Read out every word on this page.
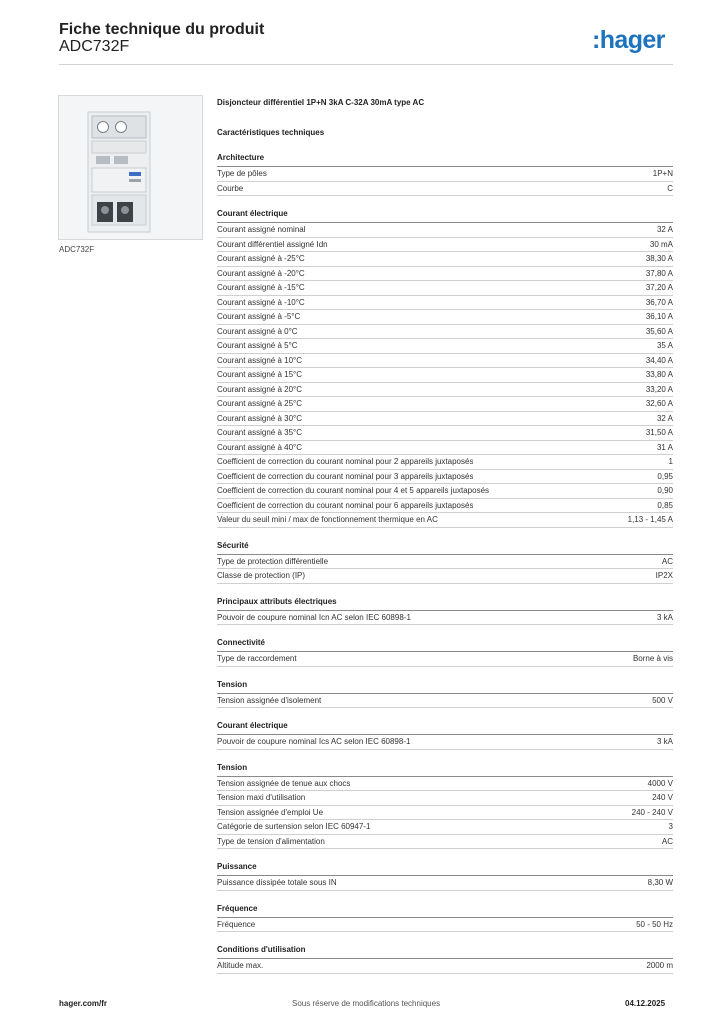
Fiche technique du produit
ADC732F	:hager
ADC732F
Disjoncteur différentiel 1P+N 3kA C-32A 30mA type AC
Caractéristiques techniques
Architecture
Type de pôles	1P+N
Courbe	C
Courant électrique
Courant assigné nominal	32 A
Courant différentiel assigné Idn	30 mA
Courant assigné à -25°C	38,30 A
Courant assigné à -20°C	37,80 A
Courant assigné à -15°C	37,20 A
Courant assigné à -10°C	36,70 A
Courant assigné à -5°C	36,10 A
Courant assigné à 0°C	35,60 A
Courant assigné à 5°C	35 A
Courant assigné à 10°C	34,40 A
Courant assigné à 15°C	33,80 A
Courant assigné à 20°C	33,20 A
Courant assigné à 25°C	32,60 A
Courant assigné à 30°C	32 A
Courant assigné à 35°C	31,50 A
Courant assigné à 40°C	31 A
Coefficient de correction du courant nominal pour 2 appareils juxtaposés	1
Coefficient de correction du courant nominal pour 3 appareils juxtaposés	0,95
Coefficient de correction du courant nominal pour 4 et 5 appareils juxtaposés	0,90
Coefficient de correction du courant nominal pour 6 appareils juxtaposés	0,85
Valeur du seuil mini / max de fonctionnement thermique en AC	1,13 - 1,45 A
Sécurité
Type de protection différentielle	AC
Classe de protection (IP)	IP2X
Principaux attributs électriques
Pouvoir de coupure nominal Icn AC selon IEC 60898-1	3 kA
Connectivité
Type de raccordement	Borne à vis
Tension
Tension assignée d'isolement	500 V
Courant électrique
Pouvoir de coupure nominal Ics AC selon IEC 60898-1	3 kA
Tension
Tension assignée de tenue aux chocs	4000 V
Tension maxi d'utilisation	240 V
Tension assignée d'emploi Ue	240 - 240 V
Catégorie de surtension selon IEC 60947-1	3
Type de tension d'alimentation	AC
Puissance
Puissance dissipée totale sous IN	8,30 W
Fréquence
Fréquence	50 - 50 Hz
Conditions d'utilisation
Altitude max.	2000 m
hager.com/fr	Sous réserve de modifications techniques	04.12.2025
